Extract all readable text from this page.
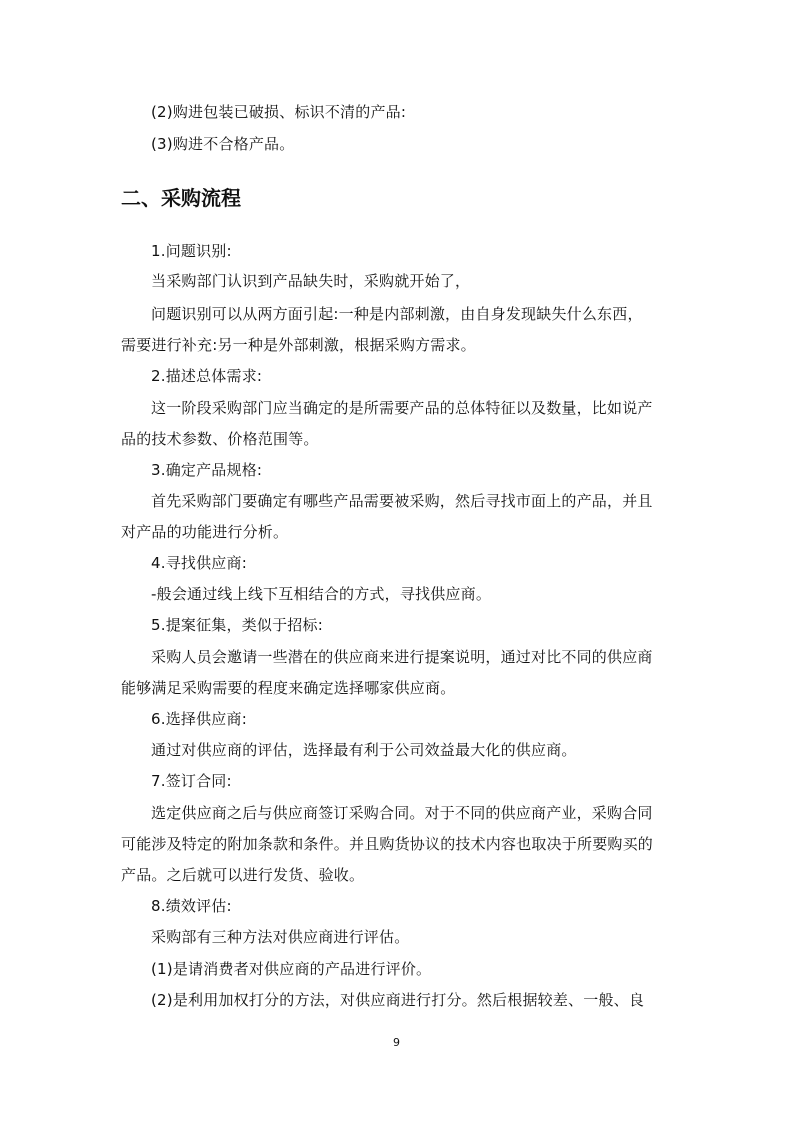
(2)购进包装已破损、标识不清的产品:
(3)购进不合格产品。
二、采购流程
1.问题识别:
当采购部门认识到产品缺失时，采购就开始了，
问题识别可以从两方面引起:一种是内部刺激，由自身发现缺失什么东西，
需要进行补充:另一种是外部刺激，根据采购方需求。
2.描述总体需求:
这一阶段采购部门应当确定的是所需要产品的总体特征以及数量，比如说产
品的技术参数、价格范围等。
3.确定产品规格:
首先采购部门要确定有哪些产品需要被采购，然后寻找市面上的产品，并且
对产品的功能进行分析。
4.寻找供应商:
-般会通过线上线下互相结合的方式，寻找供应商。
5.提案征集，类似于招标:
采购人员会邀请一些潜在的供应商来进行提案说明，通过对比不同的供应商
能够满足采购需要的程度来确定选择哪家供应商。
6.选择供应商:
通过对供应商的评估，选择最有利于公司效益最大化的供应商。
7.签订合同:
选定供应商之后与供应商签订采购合同。对于不同的供应商产业，采购合同
可能涉及特定的附加条款和条件。并且购货协议的技术内容也取决于所要购买的
产品。之后就可以进行发货、验收。
8.绩效评估:
采购部有三种方法对供应商进行评估。
(1)是请消费者对供应商的产品进行评价。
(2)是利用加权打分的方法，对供应商进行打分。然后根据较差、一般、良
9
